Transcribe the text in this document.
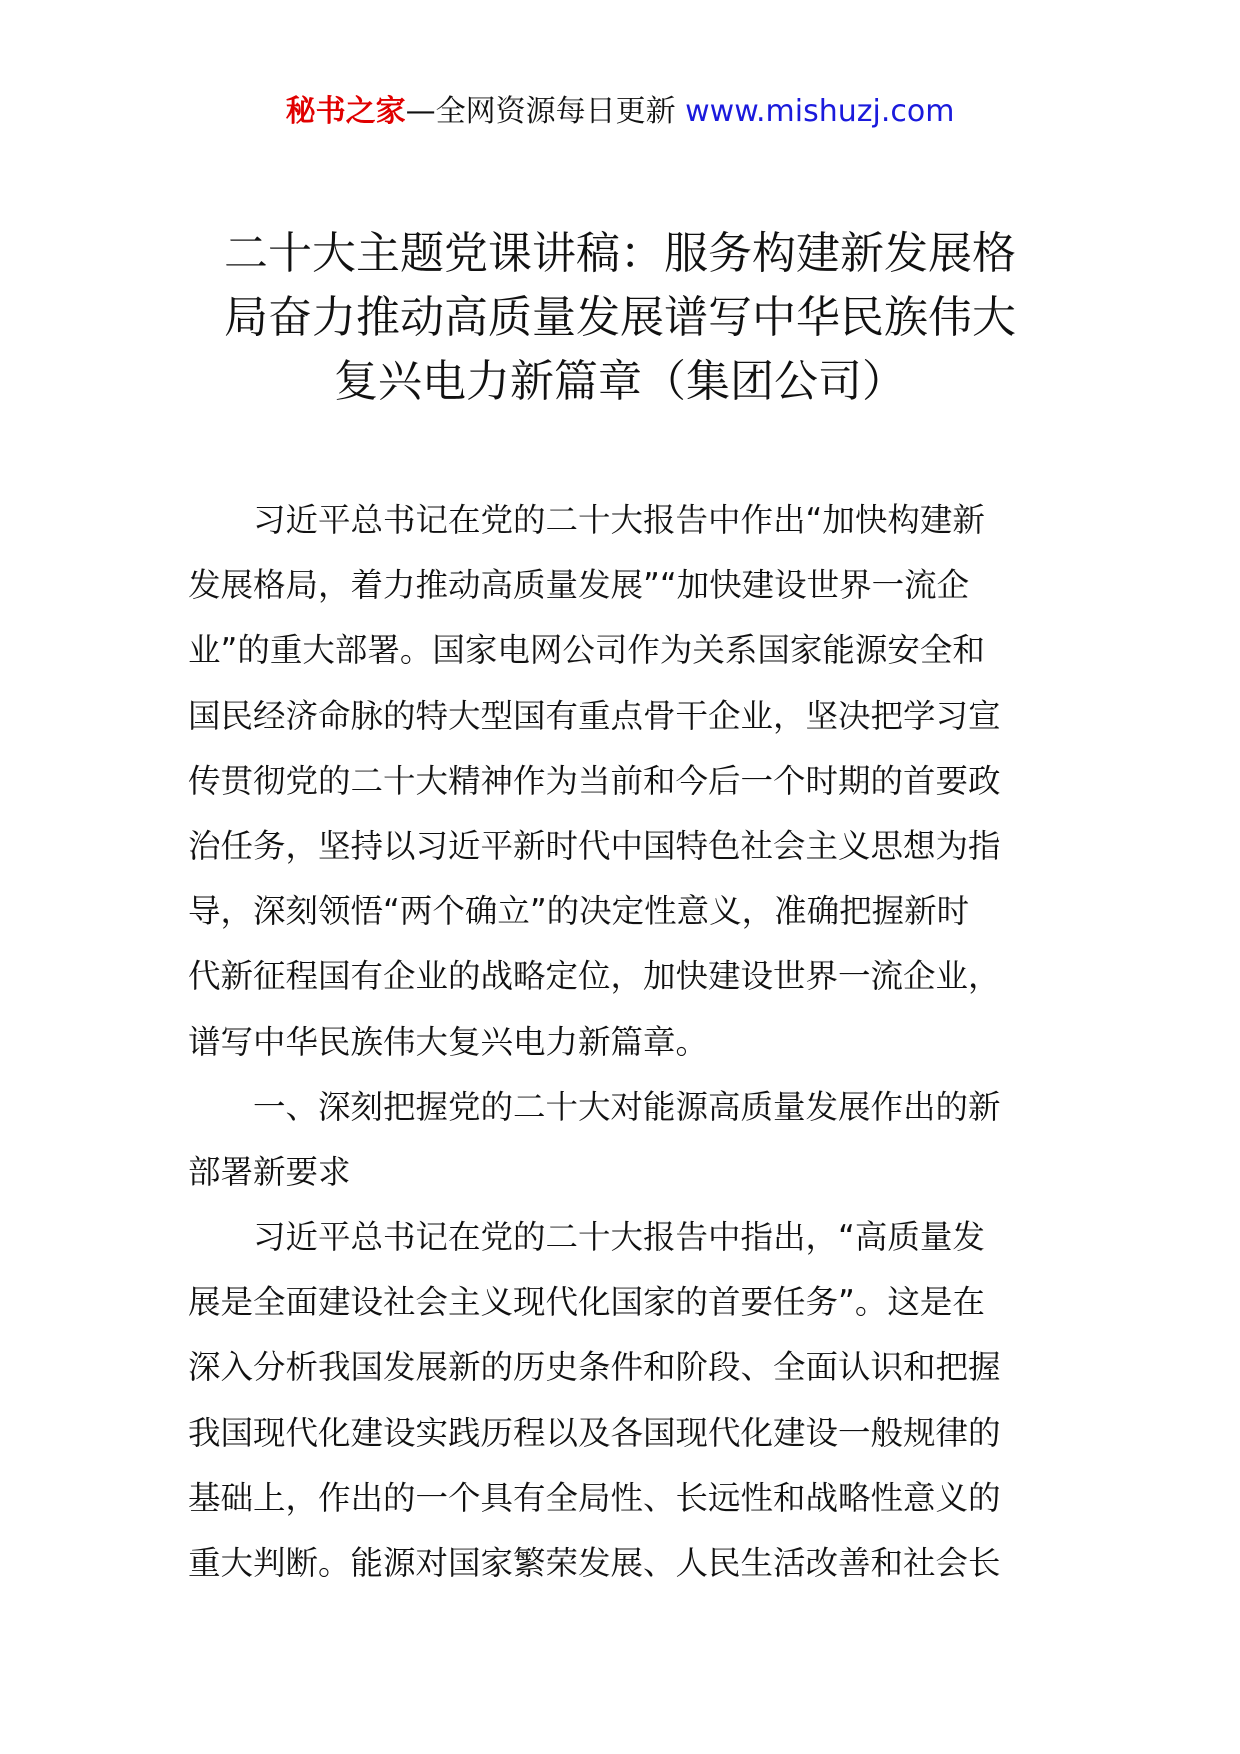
秘书之家—全网资源每日更新 www.mishuzj.com
二十大主题党课讲稿：服务构建新发展格
局奋力推动高质量发展谱写中华民族伟大
复兴电力新篇章（集团公司）
习近平总书记在党的二十大报告中作出“加快构建新
发展格局，着力推动高质量发展”“加快建设世界一流企
业”的重大部署。国家电网公司作为关系国家能源安全和
国民经济命脉的特大型国有重点骨干企业，坚决把学习宣
传贯彻党的二十大精神作为当前和今后一个时期的首要政
治任务，坚持以习近平新时代中国特色社会主义思想为指
导，深刻领悟“两个确立”的决定性意义，准确把握新时
代新征程国有企业的战略定位，加快建设世界一流企业，
谱写中华民族伟大复兴电力新篇章。
一、深刻把握党的二十大对能源高质量发展作出的新
部署新要求
习近平总书记在党的二十大报告中指出，“高质量发
展是全面建设社会主义现代化国家的首要任务”。这是在
深入分析我国发展新的历史条件和阶段、全面认识和把握
我国现代化建设实践历程以及各国现代化建设一般规律的
基础上，作出的一个具有全局性、长远性和战略性意义的
重大判断。能源对国家繁荣发展、人民生活改善和社会长
